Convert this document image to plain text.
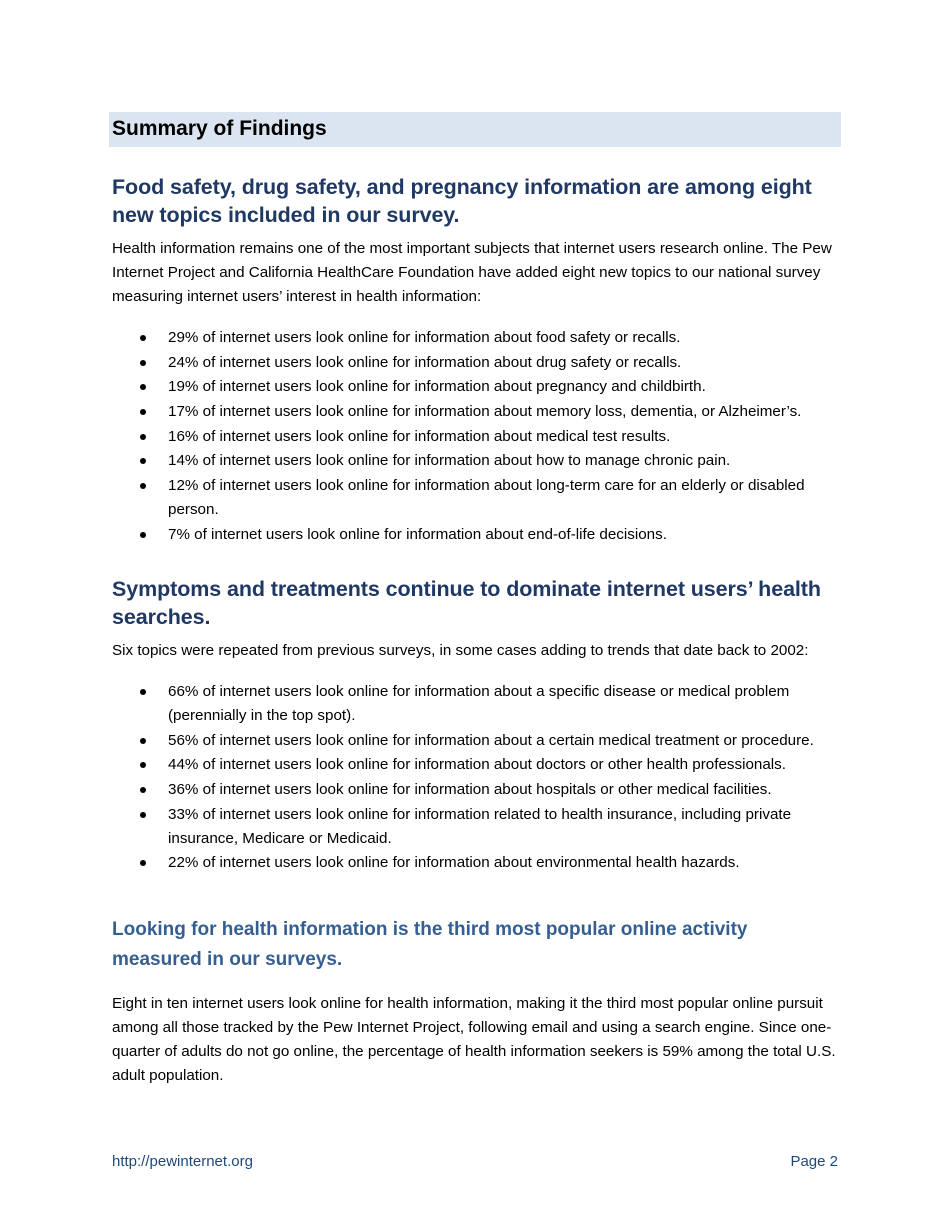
Summary of Findings
Food safety, drug safety, and pregnancy information are among eight new topics included in our survey.

Health information remains one of the most important subjects that internet users research online. The Pew Internet Project and California HealthCare Foundation have added eight new topics to our national survey measuring internet users’ interest in health information:

29% of internet users look online for information about food safety or recalls.
24% of internet users look online for information about drug safety or recalls.
19% of internet users look online for information about pregnancy and childbirth.
17% of internet users look online for information about memory loss, dementia, or Alzheimer’s.
16% of internet users look online for information about medical test results.
14% of internet users look online for information about how to manage chronic pain.
12% of internet users look online for information about long-term care for an elderly or disabled person.
7% of internet users look online for information about end-of-life decisions.
Symptoms and treatments continue to dominate internet users’ health searches.

Six topics were repeated from previous surveys, in some cases adding to trends that date back to 2002:

66% of internet users look online for information about a specific disease or medical problem (perennially in the top spot).
56% of internet users look online for information about a certain medical treatment or procedure.
44% of internet users look online for information about doctors or other health professionals.
36% of internet users look online for information about hospitals or other medical facilities.
33% of internet users look online for information related to health insurance, including private insurance, Medicare or Medicaid.
22% of internet users look online for information about environmental health hazards.
Looking for health information is the third most popular online activity measured in our surveys.

Eight in ten internet users look online for health information, making it the third most popular online pursuit among all those tracked by the Pew Internet Project, following email and using a search engine. Since one-quarter of adults do not go online, the percentage of health information seekers is 59% among the total U.S. adult population.

http://pewinternet.org	Page 2
